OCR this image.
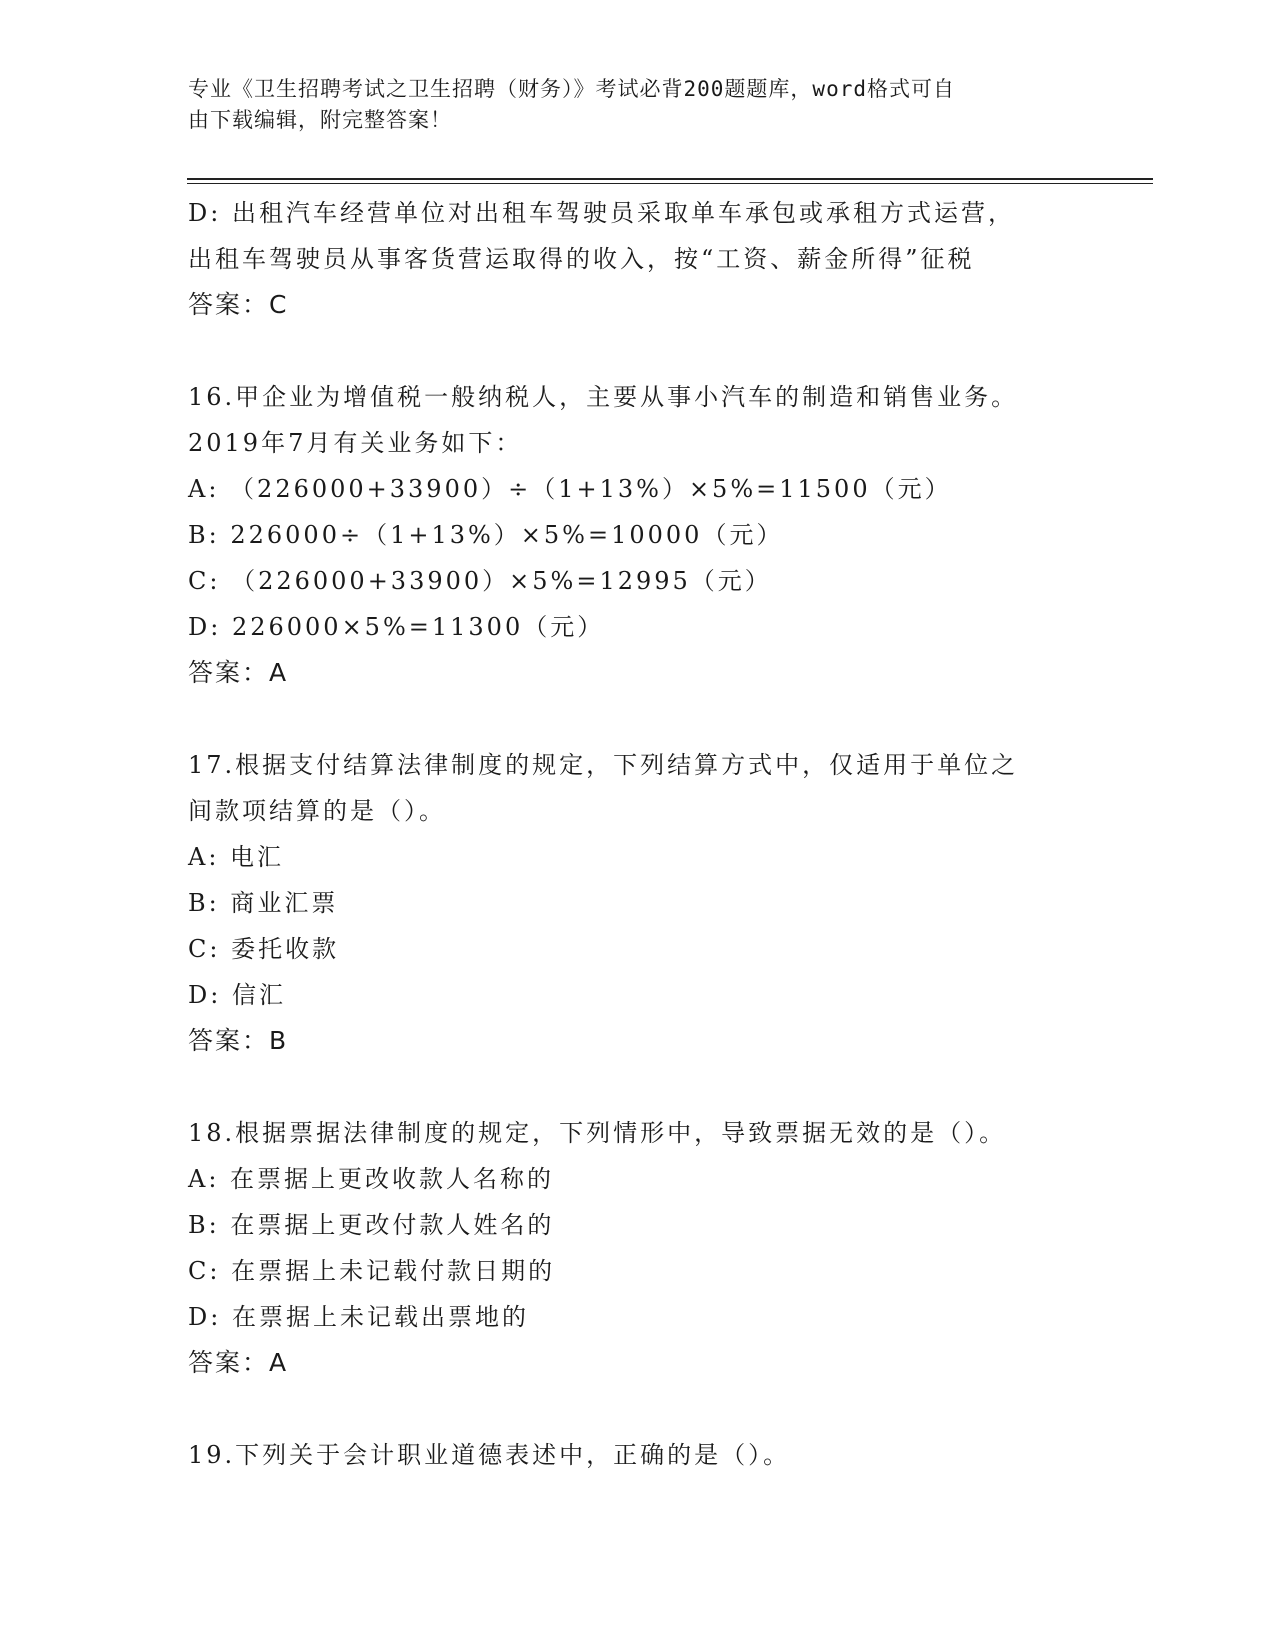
专业《卫生招聘考试之卫生招聘（财务）》考试必背200题题库，word格式可自
由下载编辑，附完整答案！
D: 出租汽车经营单位对出租车驾驶员采取单车承包或承租方式运营，
出租车驾驶员从事客货营运取得的收入，按“工资、薪金所得”征税
答案：C
16.甲企业为增值税一般纳税人，主要从事小汽车的制造和销售业务。
2019年7月有关业务如下：
A: （226000+33900）÷（1+13%）×5%=11500（元）
B: 226000÷（1+13%）×5%=10000（元）
C: （226000+33900）×5%=12995（元）
D: 226000×5%=11300（元）
答案：A
17.根据支付结算法律制度的规定，下列结算方式中，仅适用于单位之
间款项结算的是（）。
A: 电汇
B: 商业汇票
C: 委托收款
D: 信汇
答案：B
18.根据票据法律制度的规定，下列情形中，导致票据无效的是（）。
A: 在票据上更改收款人名称的
B: 在票据上更改付款人姓名的
C: 在票据上未记载付款日期的
D: 在票据上未记载出票地的
答案：A
19.下列关于会计职业道德表述中，正确的是（）。
